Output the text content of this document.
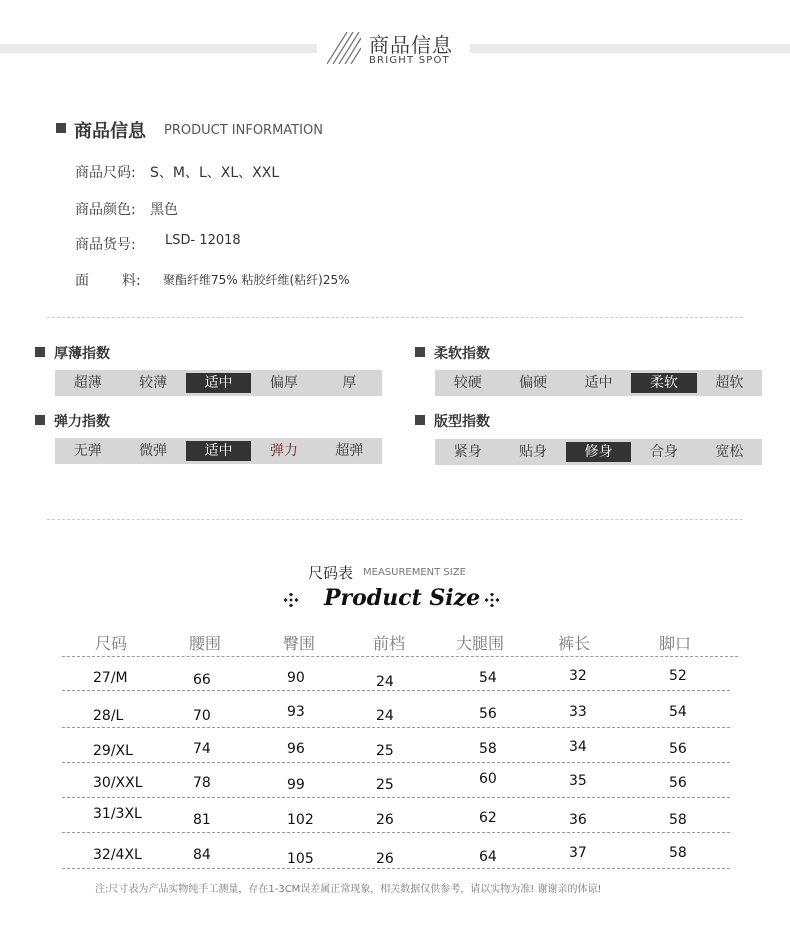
商品信息
BRIGHT SPOT
商品信息 PRODUCT INFORMATION
商品尺码: S、M、L、XL、XXL
商品颜色: 黑色
商品货号: LSD- 12018
面 料: 聚酯纤维75% 粘胶纤维(粘纤)25%
厚薄指数
超薄	较薄	适中	偏厚	厚
柔软指数
较硬	偏硬	适中	柔软	超软
弹力指数
无弹	微弹	适中	弹力	超弹
版型指数
紧身	贴身	修身	合身	宽松
尺码表 MEASUREMENT SIZE
Product Size
尺码	腰围	臀围	前档	大腿围	裤长	脚口
27/M	66	90	24	54	32	52
28/L	70	93	24	56	33	54
29/XL	74	96	25	58	34	56
30/XXL	78	99	25	60	35	56
31/3XL	81	102	26	62	36	58
32/4XL	84	105	26	64	37	58
注:尺寸表为产品实物纯手工测量，存在1-3CM误差属正常现象，相关数据仅供参考，请以实物为准! 谢谢亲的体谅!
